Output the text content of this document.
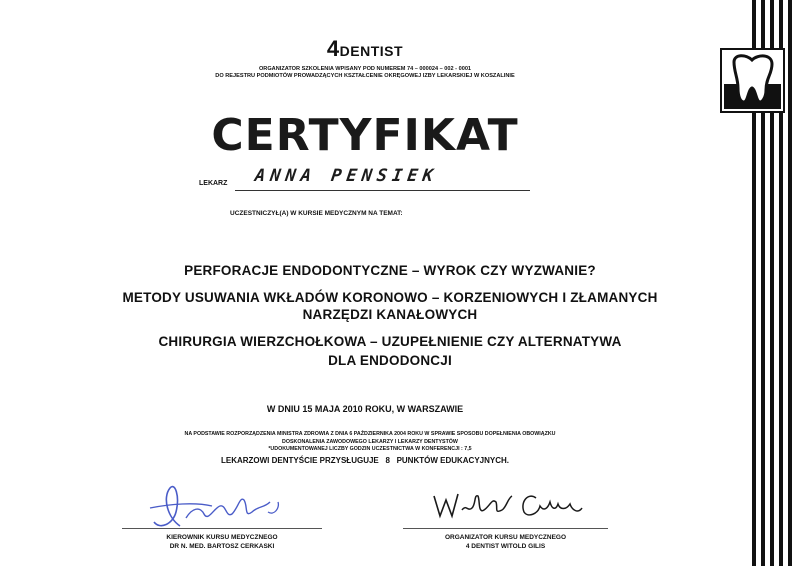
4DENTIST
ORGANIZATOR SZKOLENIA WPISANY POD NUMEREM 74 – 000024 – 002 - 0001
DO REJESTRU PODMIOTÓW PROWADZĄCYCH KSZTAŁCENIE OKRĘGOWEJ IZBY LEKARSKIEJ W KOSZALINIE
CERTYFIKAT
LEKARZ ANNA PENSIEK
UCZESTNICZYŁ(A) W KURSIE MEDYCZNYM NA TEMAT:
PERFORACJE ENDODONTYCZNE – WYROK CZY WYZWANIE?
METODY USUWANIA WKŁADÓW KORONOWO – KORZENIOWYCH I ZŁAMANYCH
NARZĘDZI KANAŁOWYCH
CHIRURGIA WIERZCHOŁKOWA – UZUPEŁNIENIE CZY ALTERNATYWA
DLA ENDODONCJI
W DNIU 15 MAJA 2010 ROKU, W WARSZAWIE
NA PODSTAWIE ROZPORZĄDZENIA MINISTRA ZDROWIA Z DNIA 6 PAŹDZIERNIKA 2004 ROKU W SPRAWIE SPOSOBU DOPEŁNIENIA OBOWIĄZKU
DOSKONALENIA ZAWODOWEGO LEKARZY I LEKARZY DENTYSTÓW
*UDOKUMENTOWANEJ LICZBY GODZIN UCZESTNICTWA W KONFERENCJI : 7,5
LEKARZOWI DENTYŚCIE PRZYSŁUGUJE 8 PUNKTÓW EDUKACYJNYCH.
KIEROWNIK KURSU MEDYCZNEGO
DR N. MED. BARTOSZ CERKASKI
ORGANIZATOR KURSU MEDYCZNEGO
4 DENTIST WITOLD GILIS
